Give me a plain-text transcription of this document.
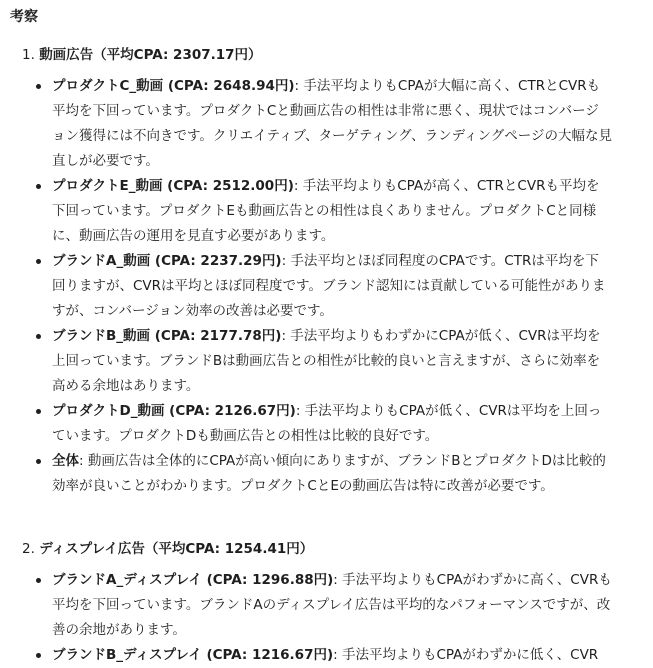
考察
1. 動画広告（平均CPA: 2307.17円）
プロダクトC_動画 (CPA: 2648.94円): 手法平均よりもCPAが大幅に高く、CTRとCVRも平均を下回っています。プロダクトCと動画広告の相性は非常に悪く、現状ではコンバージョン獲得には不向きです。クリエイティブ、ターゲティング、ランディングページの大幅な見直しが必要です。
プロダクトE_動画 (CPA: 2512.00円): 手法平均よりもCPAが高く、CTRとCVRも平均を下回っています。プロダクトEも動画広告との相性は良くありません。プロダクトCと同様に、動画広告の運用を見直す必要があります。
ブランドA_動画 (CPA: 2237.29円): 手法平均とほぼ同程度のCPAです。CTRは平均を下回りますが、CVRは平均とほぼ同程度です。ブランド認知には貢献している可能性がありますが、コンバージョン効率の改善は必要です。
ブランドB_動画 (CPA: 2177.78円): 手法平均よりもわずかにCPAが低く、CVRは平均を上回っています。ブランドBは動画広告との相性が比較的良いと言えますが、さらに効率を高める余地はあります。
プロダクトD_動画 (CPA: 2126.67円): 手法平均よりもCPAが低く、CVRは平均を上回っています。プロダクトDも動画広告との相性は比較的良好です。
全体: 動画広告は全体的にCPAが高い傾向にありますが、ブランドBとプロダクトDは比較的効率が良いことがわかります。プロダクトCとEの動画広告は特に改善が必要です。
2. ディスプレイ広告（平均CPA: 1254.41円）
ブランドA_ディスプレイ (CPA: 1296.88円): 手法平均よりもCPAがわずかに高く、CVRも平均を下回っています。ブランドAのディスプレイ広告は平均的なパフォーマンスですが、改善の余地があります。
ブランドB_ディスプレイ (CPA: 1216.67円): 手法平均よりもCPAがわずかに低く、CVR
